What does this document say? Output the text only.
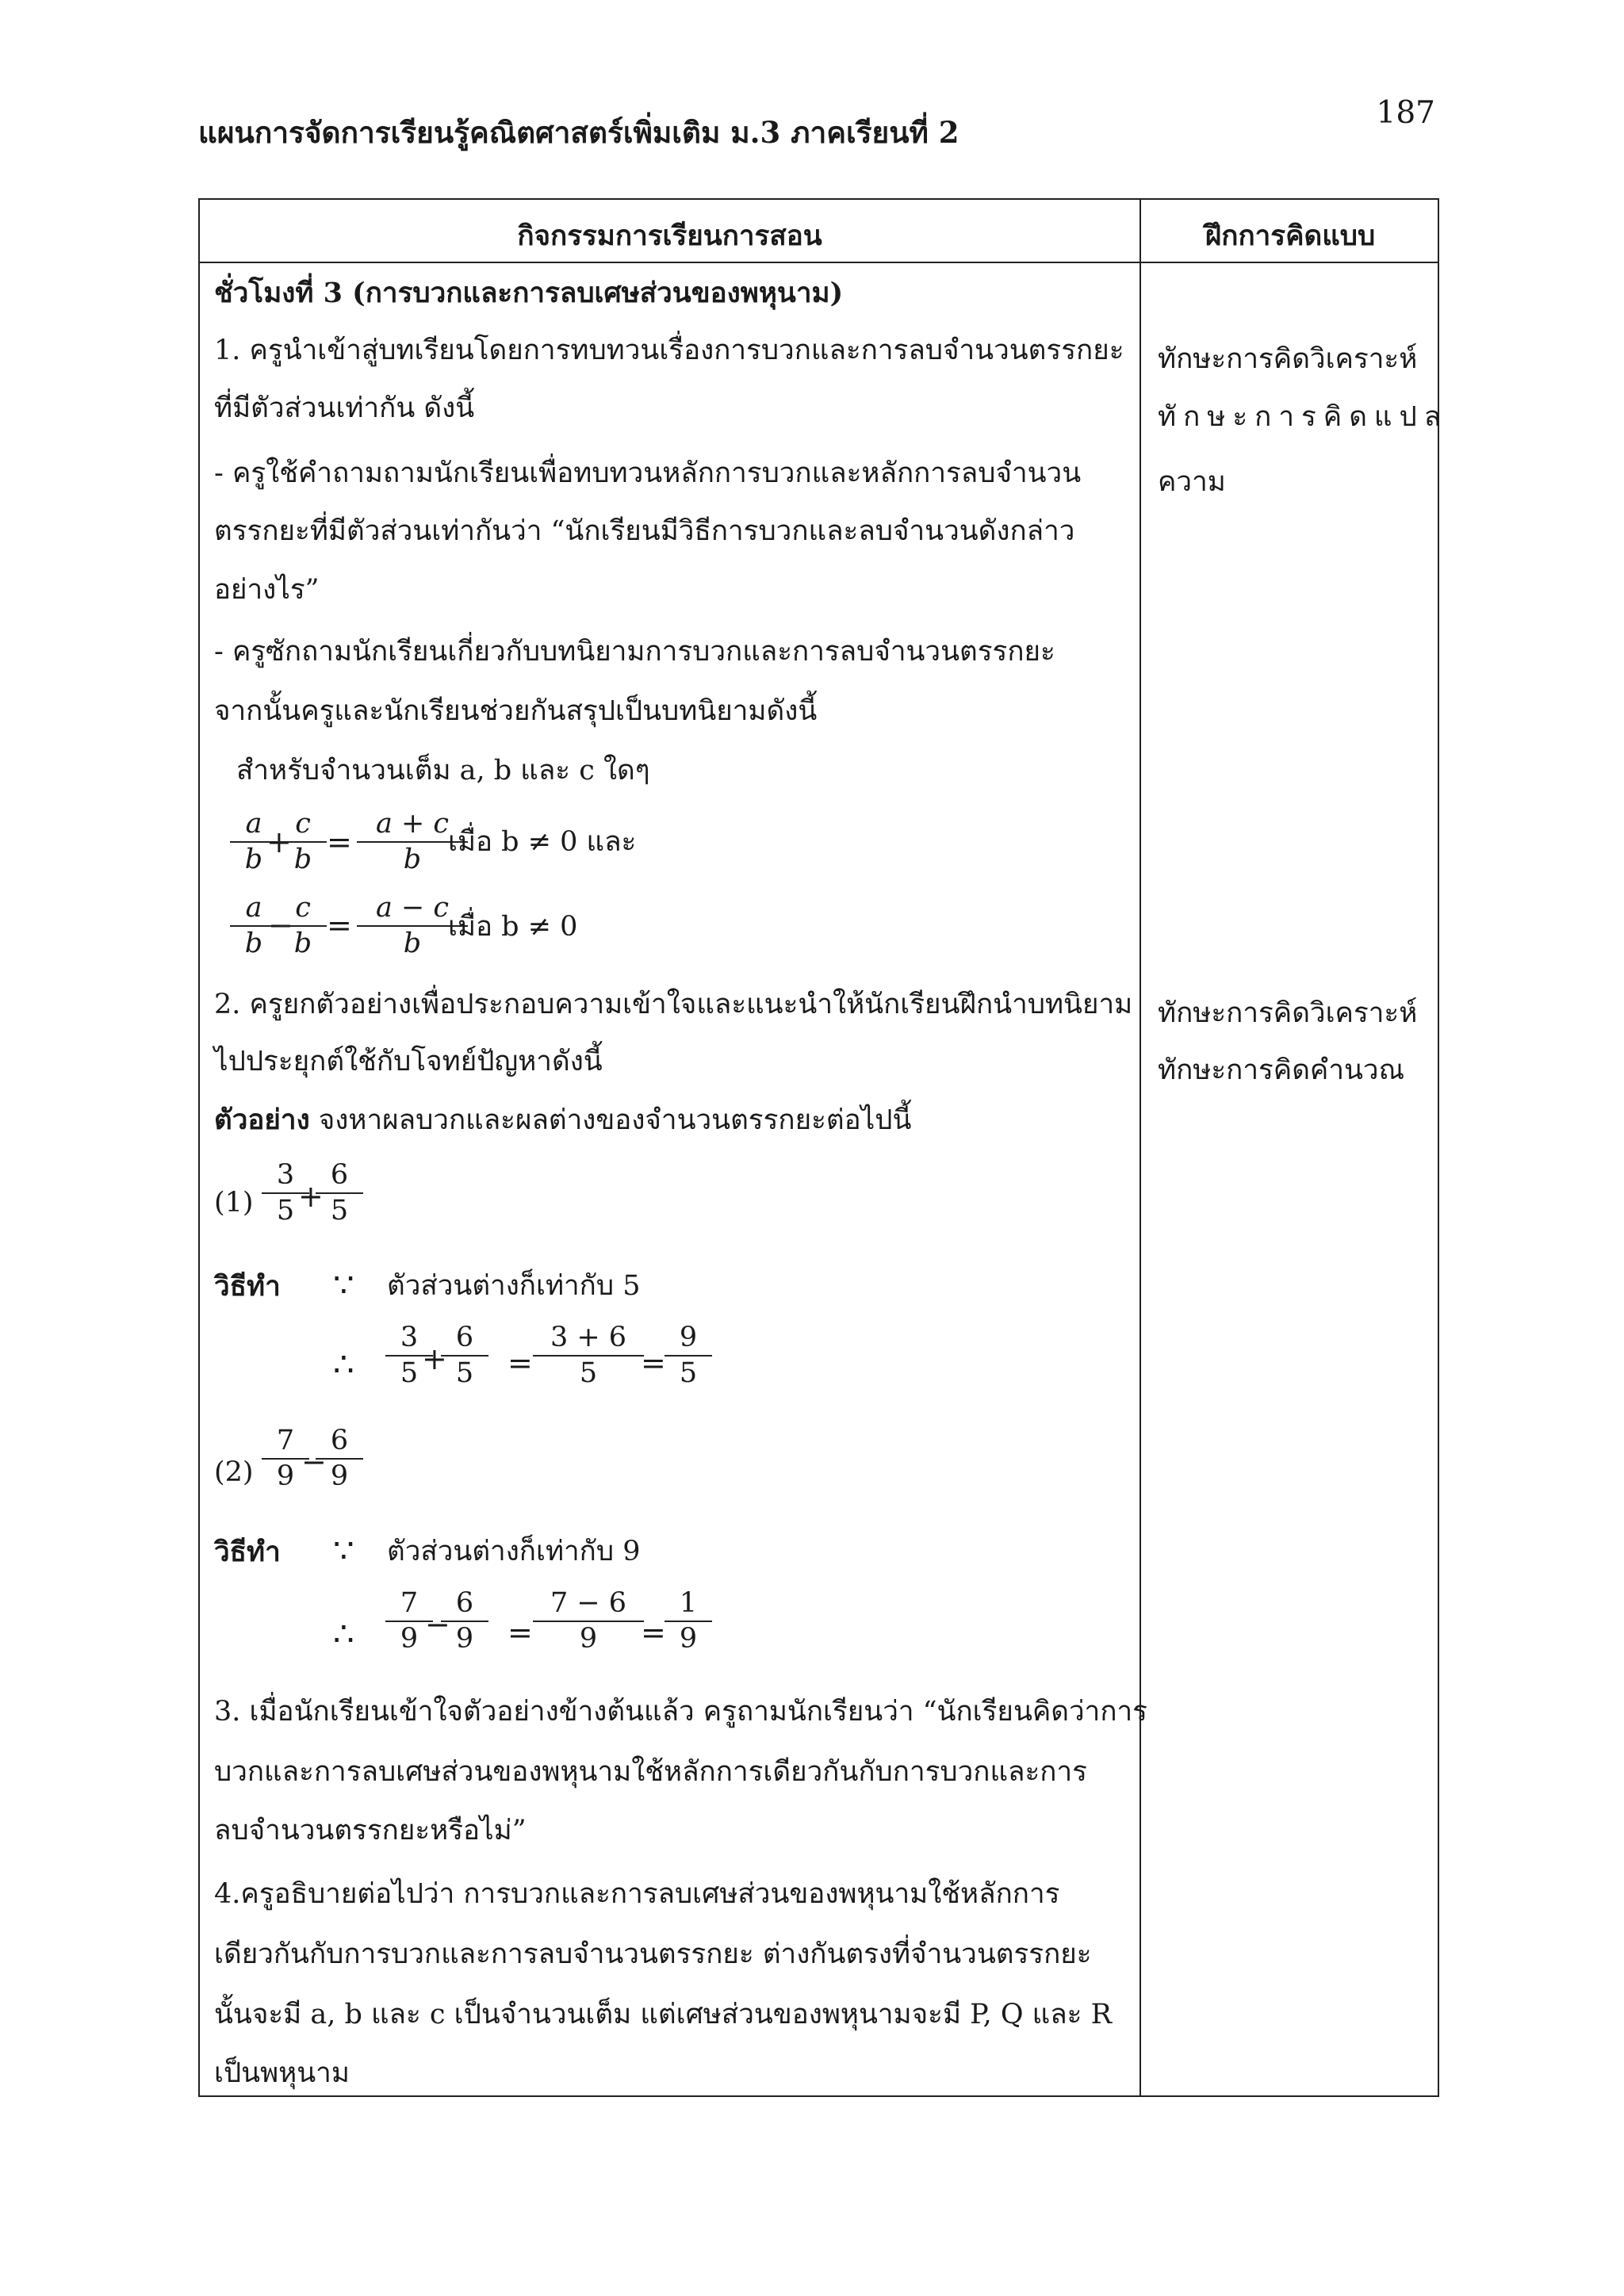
แผนการจัดการเรียนรู้คณิตศาสตร์เพิ่มเติม ม.3 ภาคเรียนที่ 2
187
กิจกรรมการเรียนการสอน	ฝึกการคิดแบบ
ชั่วโมงที่ 3 (การบวกและการลบเศษส่วนของพหุนาม)
1. ครูนำเข้าสู่บทเรียนโดยการทบทวนเรื่องการบวกและการลบจำนวนตรรกยะ
ที่มีตัวส่วนเท่ากัน ดังนี้
- ครูใช้คำถามถามนักเรียนเพื่อทบทวนหลักการบวกและหลักการลบจำนวน
ตรรกยะที่มีตัวส่วนเท่ากันว่า “นักเรียนมีวิธีการบวกและลบจำนวนดังกล่าว
อย่างไร”
- ครูซักถามนักเรียนเกี่ยวกับบทนิยามการบวกและการลบจำนวนตรรกยะ
จากนั้นครูและนักเรียนช่วยกันสรุปเป็นบทนิยามดังนี้
สำหรับจำนวนเต็ม a, b และ c ใดๆ
a
b +
c
b =
a + c
b
เมื่อ b ≠ 0 และ
a
b
− c
b
= a − c
b
เมื่อ b ≠ 0
2. ครูยกตัวอย่างเพื่อประกอบความเข้าใจและแนะนำให้นักเรียนฝึกนำบทนิยาม
ไปประยุกต์ใช้กับโจทย์ปัญหาดังนี้
ตัวอย่าง จงหาผลบวกและผลต่างของจำนวนตรรกยะต่อไปนี้
(1)
3
5 +
6
5
วิธีทำ ∵ ตัวส่วนต่างก็เท่ากับ 5
∴
3
5 +
6
5	=
3 + 6
5	=
9
5
(2)
7
9 −
6
9
วิธีทำ ∵ ตัวส่วนต่างก็เท่ากับ 9
∴
7
9 −
6
9	=
7 − 6
9	=
1
9
3. เมื่อนักเรียนเข้าใจตัวอย่างข้างต้นแล้ว ครูถามนักเรียนว่า “นักเรียนคิดว่าการ
บวกและการลบเศษส่วนของพหุนามใช้หลักการเดียวกันกับการบวกและการ
ลบจำนวนตรรกยะหรือไม่”
4.ครูอธิบายต่อไปว่า การบวกและการลบเศษส่วนของพหุนามใช้หลักการ
เดียวกันกับการบวกและการลบจำนวนตรรกยะ ต่างกันตรงที่จำนวนตรรกยะ
นั้นจะมี a, b และ c เป็นจำนวนเต็ม แต่เศษส่วนของพหุนามจะมี P, Q และ R
เป็นพหุนาม
ทักษะการคิดวิเคราะห์
ทักษะการคิดแปล
ความ
ทักษะการคิดวิเคราะห์
ทักษะการคิดคำนวณ
